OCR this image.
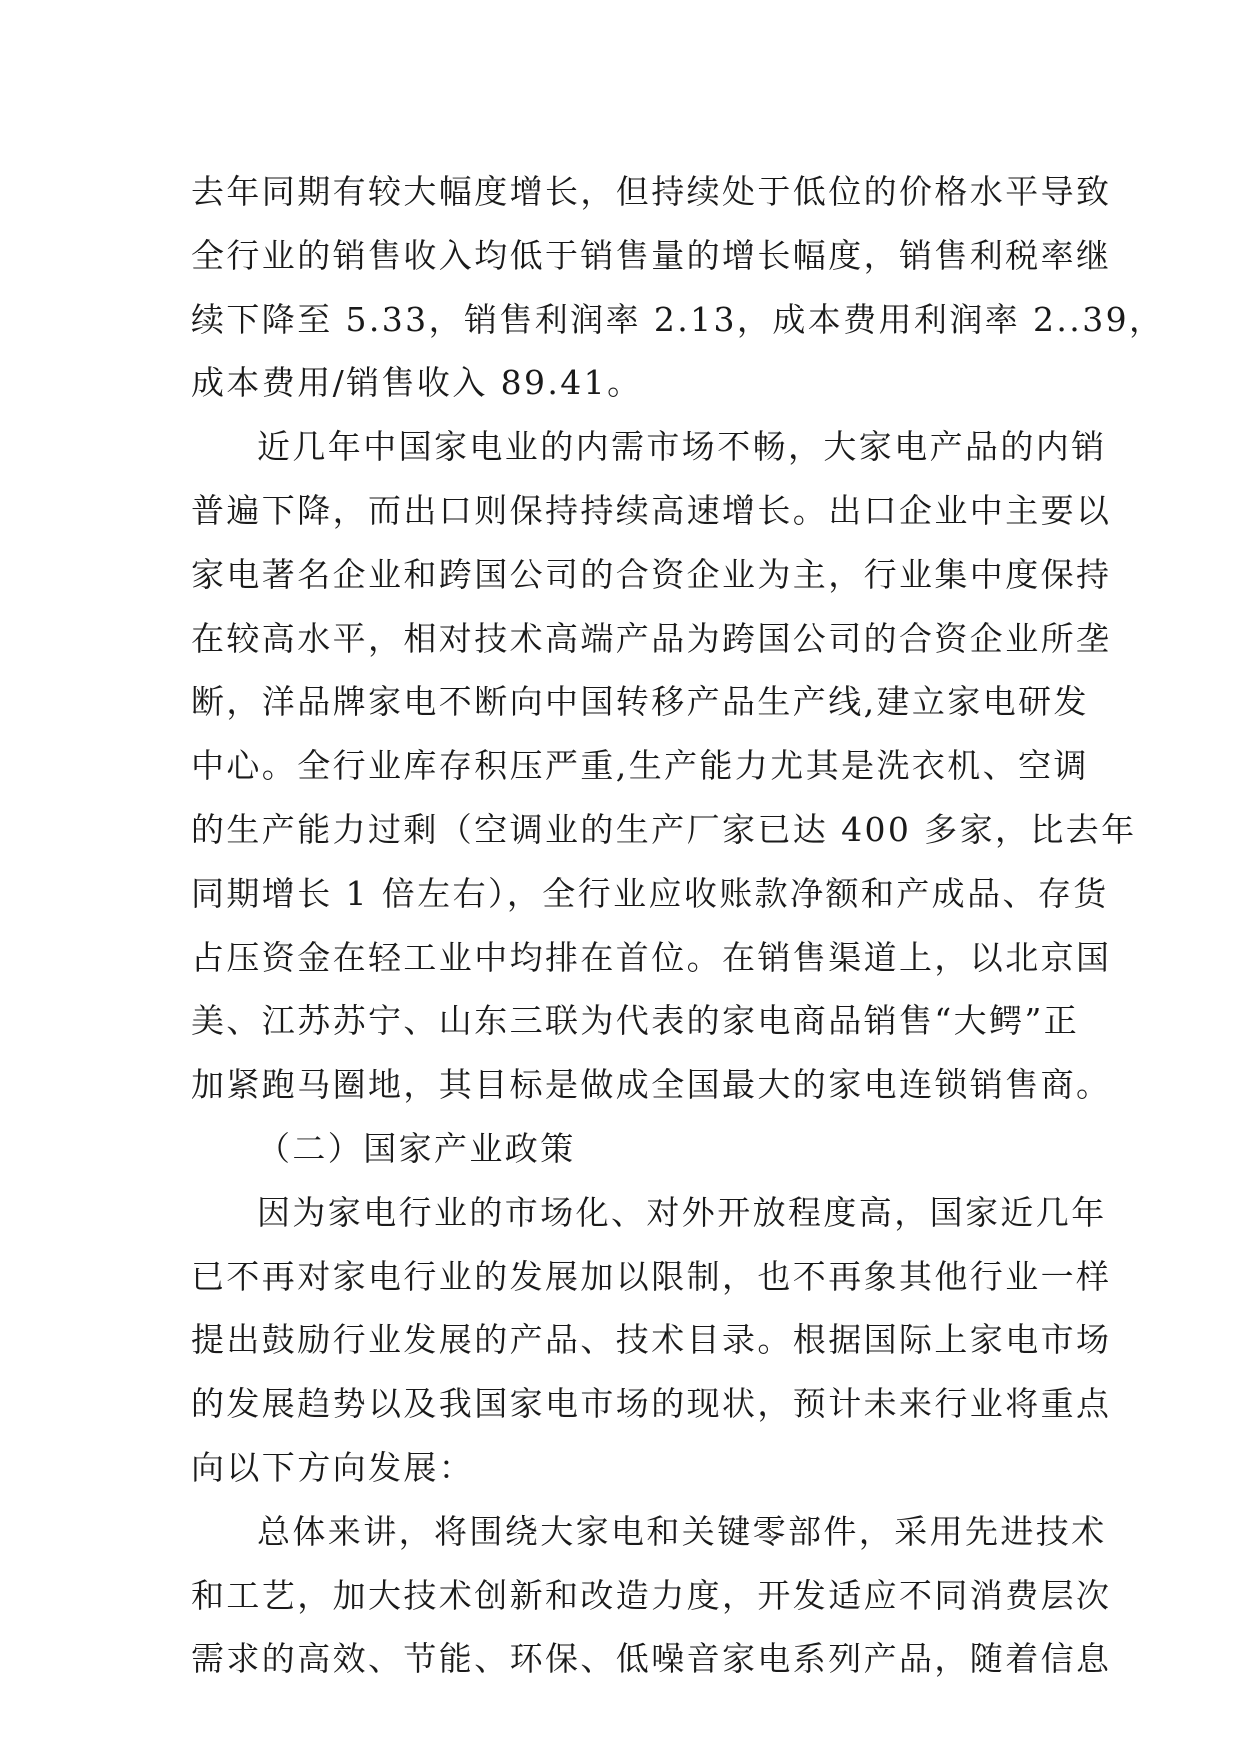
去年同期有较大幅度增长，但持续处于低位的价格水平导致
全行业的销售收入均低于销售量的增长幅度，销售利税率继
续下降至 5.33，销售利润率 2.13，成本费用利润率 2..39，
成本费用/销售收入 89.41。
近几年中国家电业的内需市场不畅，大家电产品的内销
普遍下降，而出口则保持持续高速增长。出口企业中主要以
家电著名企业和跨国公司的合资企业为主，行业集中度保持
在较高水平，相对技术高端产品为跨国公司的合资企业所垄
断，洋品牌家电不断向中国转移产品生产线,建立家电研发
中心。全行业库存积压严重,生产能力尤其是洗衣机、空调
的生产能力过剩（空调业的生产厂家已达 400 多家，比去年
同期增长 1 倍左右），全行业应收账款净额和产成品、存货
占压资金在轻工业中均排在首位。在销售渠道上，以北京国
美、江苏苏宁、山东三联为代表的家电商品销售“大鳄”正
加紧跑马圈地，其目标是做成全国最大的家电连锁销售商。
（二）国家产业政策
因为家电行业的市场化、对外开放程度高，国家近几年
已不再对家电行业的发展加以限制，也不再象其他行业一样
提出鼓励行业发展的产品、技术目录。根据国际上家电市场
的发展趋势以及我国家电市场的现状，预计未来行业将重点
向以下方向发展：
总体来讲，将围绕大家电和关键零部件，采用先进技术
和工艺，加大技术创新和改造力度，开发适应不同消费层次
需求的高效、节能、环保、低噪音家电系列产品，随着信息
